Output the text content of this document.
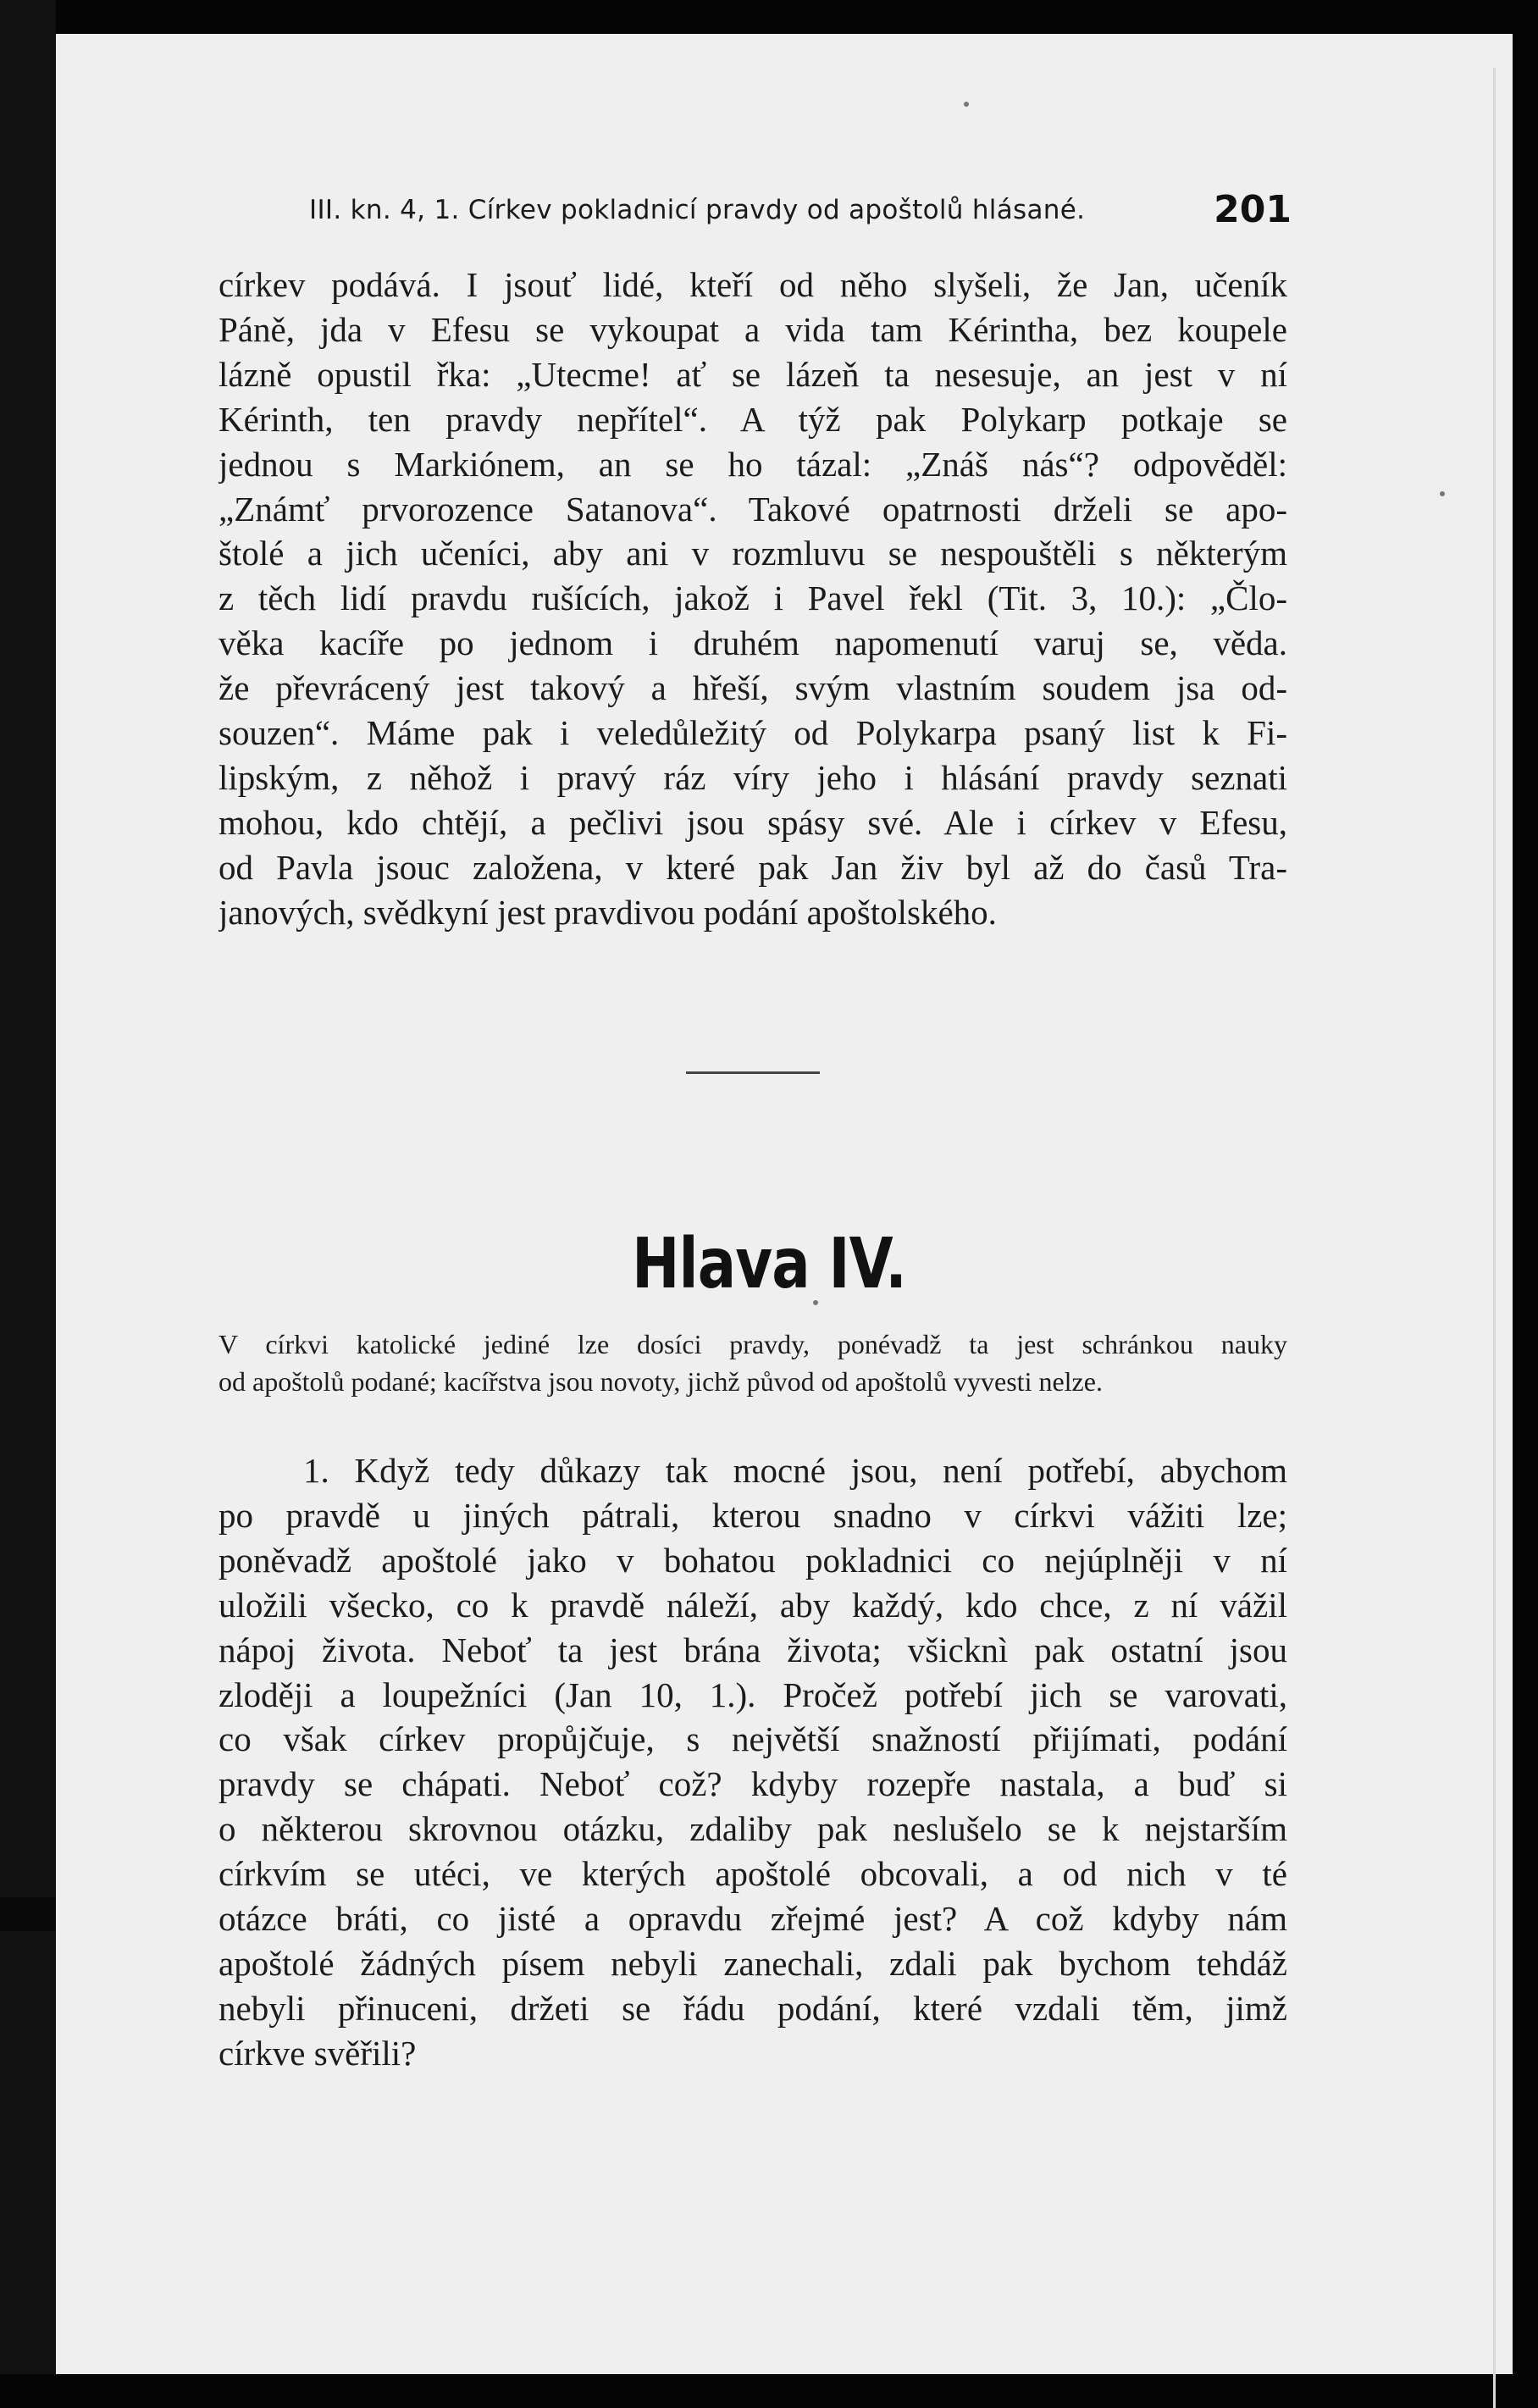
III. kn. 4, 1. Církev pokladnicí pravdy od apoštolů hlásané.	201
církev podává. I jsouť lidé, kteří od něho slyšeli, že Jan, učeník
Páně, jda v Efesu se vykoupat a vida tam Kérintha, bez koupele
lázně opustil řka: „Utecme! ať se lázeň ta nesesuje, an jest v ní
Kérinth, ten pravdy nepřítel“. A týž pak Polykarp potkaje se
jednou s Markiónem, an se ho tázal: „Znáš nás“? odpověděl:
„Známť prvorozence Satanova“. Takové opatrnosti drželi se apo-
štolé a jich učeníci, aby ani v rozmluvu se nespouštěli s některým
z těch lidí pravdu rušících, jakož i Pavel řekl (Tit. 3, 10.): „Člo-
věka kacíře po jednom i druhém napomenutí varuj se, věda.
že převrácený jest takový a hřeší, svým vlastním soudem jsa od-
souzen“. Máme pak i veledůležitý od Polykarpa psaný list k Fi-
lipským, z něhož i pravý ráz víry jeho i hlásání pravdy seznati
mohou, kdo chtějí, a pečlivi jsou spásy své. Ale i církev v Efesu,
od Pavla jsouc založena, v které pak Jan živ byl až do časů Tra-
janových, svědkyní jest pravdivou podání apoštolského.
Hlava IV.
V církvi katolické jediné lze dosíci pravdy, ponévadž ta jest schránkou nauky
od apoštolů podané; kacířstva jsou novoty, jichž původ od apoštolů vyvesti nelze.
1. Když tedy důkazy tak mocné jsou, není potřebí, abychom
po pravdě u jiných pátrali, kterou snadno v církvi vážiti lze;
poněvadž apoštolé jako v bohatou pokladnici co nejúplněji v ní
uložili všecko, co k pravdě náleží, aby každý, kdo chce, z ní vážil
nápoj života. Neboť ta jest brána života; všicknì pak ostatní jsou
zloději a loupežníci (Jan 10, 1.). Pročež potřebí jich se varovati,
co však církev propůjčuje, s největší snažností přijímati, podání
pravdy se chápati. Neboť což? kdyby rozepře nastala, a buď si
o některou skrovnou otázku, zdaliby pak neslušelo se k nejstarším
církvím se utéci, ve kterých apoštolé obcovali, a od nich v té
otázce bráti, co jisté a opravdu zřejmé jest? A což kdyby nám
apoštolé žádných písem nebyli zanechali, zdali pak bychom tehdáž
nebyli přinuceni, držeti se řádu podání, které vzdali těm, jimž
církve svěřili?
